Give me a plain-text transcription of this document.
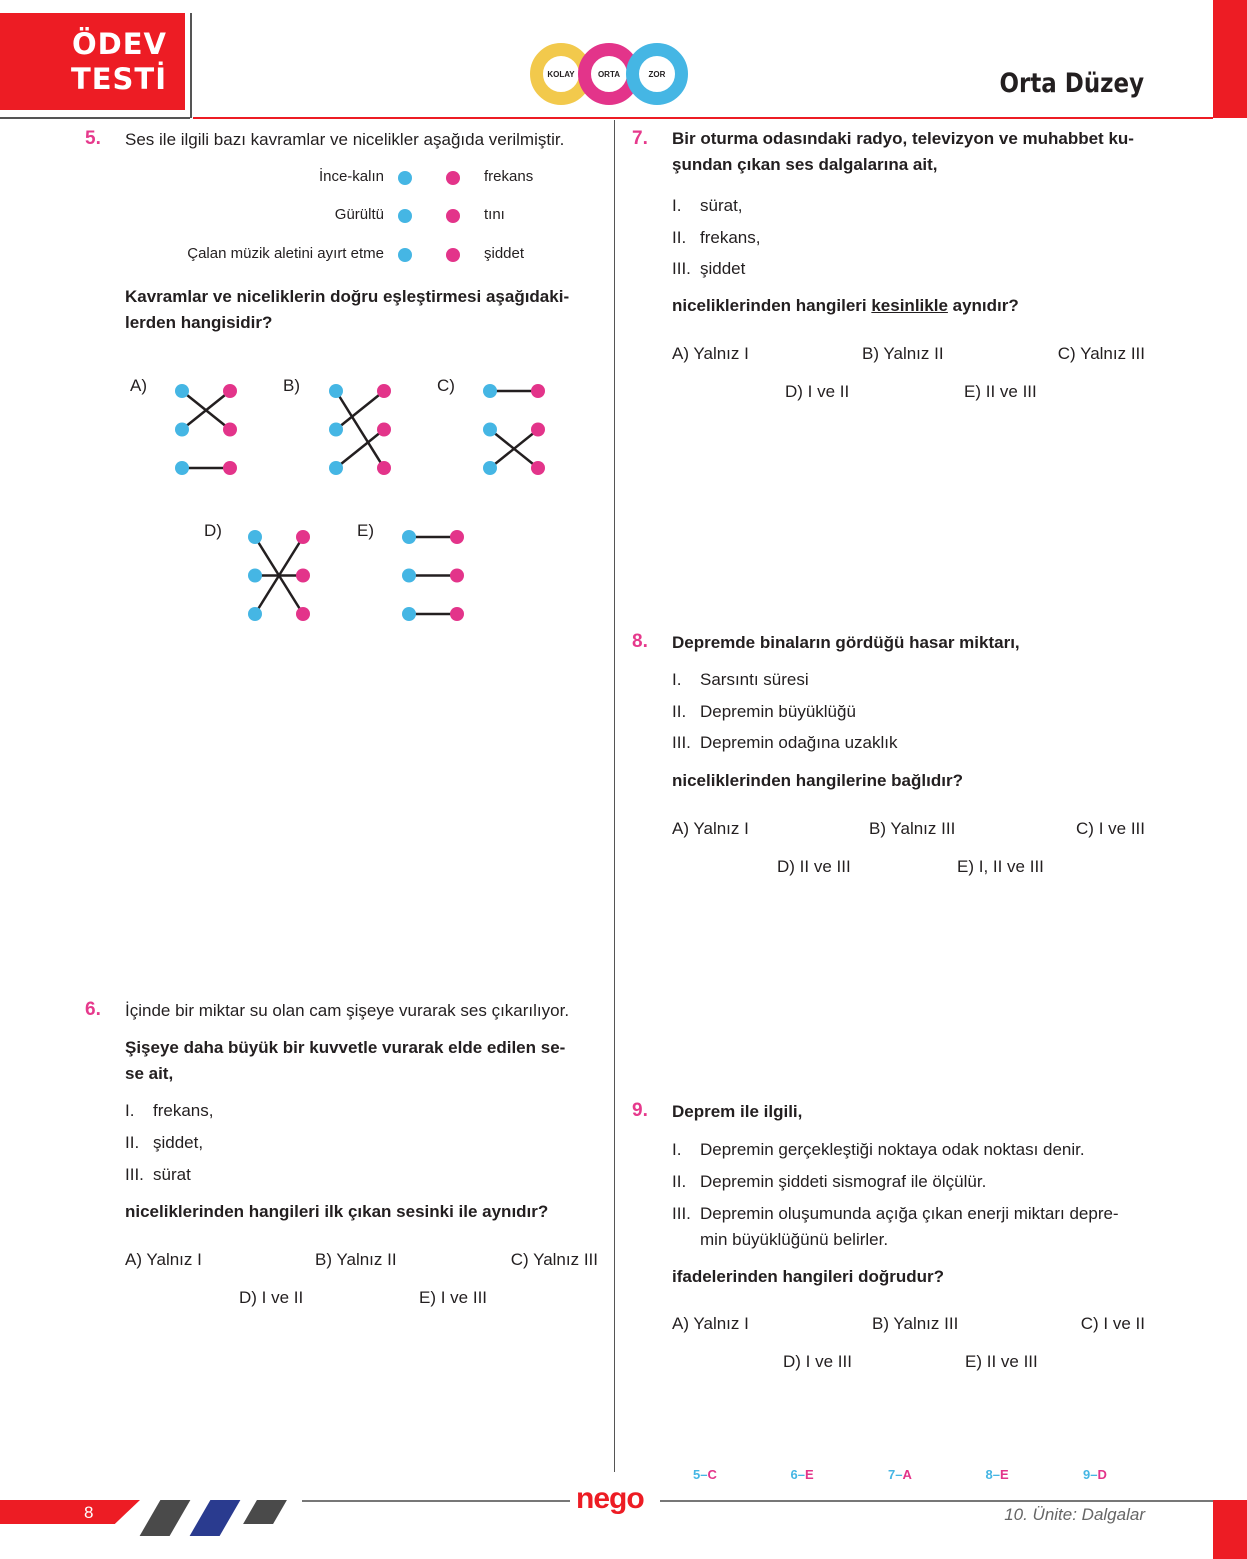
ÖDEV
TESTİ	KOLAY	ORTA	ZOR	Orta Düzey
5. Ses ile ilgili bazı kavramlar ve nicelikler aşağıda verilmiştir.
İnce-kalın	frekans
Gürültü	tını
Çalan müzik aletini ayırt etme	şiddet
Kavramlar ve niceliklerin doğru eşleştirmesi aşağıdaki-
lerden hangisidir?
A)	B)	C)
D)	E)
6. İçinde bir miktar su olan cam şişeye vurarak ses çıkarılıyor.
Şişeye daha büyük bir kuvvetle vurarak elde edilen se-
se ait,
I. frekans,
II. şiddet,
III. sürat
niceliklerinden hangileri ilk çıkan sesinki ile aynıdır?
A) Yalnız I	B) Yalnız II	C) Yalnız III
D) I ve II	E) I ve III
7. Bir oturma odasındaki radyo, televizyon ve muhabbet ku-
şundan çıkan ses dalgalarına ait,
I. sürat,
II. frekans,
III. şiddet
niceliklerinden hangileri kesinlikle aynıdır?
A) Yalnız I	B) Yalnız II	C) Yalnız III
D) I ve II	E) II ve III
8. Depremde binaların gördüğü hasar miktarı,
I. Sarsıntı süresi
II. Depremin büyüklüğü
III. Depremin odağına uzaklık
niceliklerinden hangilerine bağlıdır?
A) Yalnız I	B) Yalnız III	C) I ve III
D) II ve III	E) I, II ve III
9. Deprem ile ilgili,
I. Depremin gerçekleştiği noktaya odak noktası denir.
II. Depremin şiddeti sismograf ile ölçülür.
III. Depremin oluşumunda açığa çıkan enerji miktarı depre-
min büyüklüğünü belirler.
ifadelerinden hangileri doğrudur?
A) Yalnız I	B) Yalnız III	C) I ve II
D) I ve III	E) II ve III
5–C	6–E	7–A	8–E	9–D
8	nego	10. Ünite: Dalgalar
